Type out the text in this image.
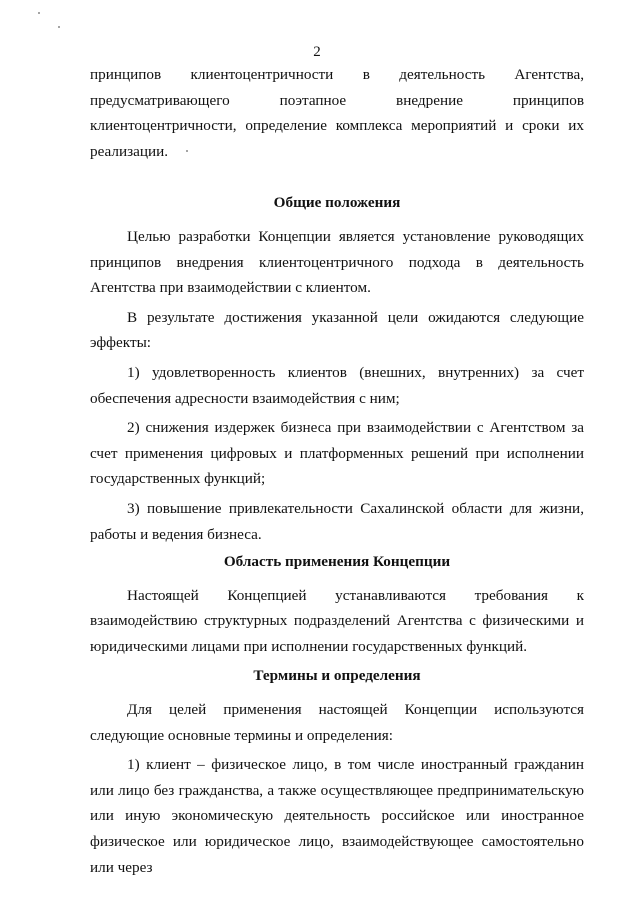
2

принципов клиентоцентричности в деятельность Агентства, предусматривающего поэтапное внедрение принципов клиентоцентричности, определение комплекса мероприятий и сроки их реализации.

Общие положения

Целью разработки Концепции является установление руководящих принципов внедрения клиентоцентричного подхода в деятельность Агентства при взаимодействии с клиентом.

В результате достижения указанной цели ожидаются следующие эффекты:

1) удовлетворенность клиентов (внешних, внутренних) за счет обеспечения адресности взаимодействия с ним;

2) снижения издержек бизнеса при взаимодействии с Агентством за счет применения цифровых и платформенных решений при исполнении государственных функций;

3) повышение привлекательности Сахалинской области для жизни, работы и ведения бизнеса.

Область применения Концепции

Настоящей Концепцией устанавливаются требования к взаимодействию структурных подразделений Агентства с физическими и юридическими лицами при исполнении государственных функций.

Термины и определения

Для целей применения настоящей Концепции используются следующие основные термины и определения:

1) клиент – физическое лицо, в том числе иностранный гражданин или лицо без гражданства, а также осуществляющее предпринимательскую или иную экономическую деятельность российское или иностранное физическое или юридическое лицо, взаимодействующее самостоятельно или через
